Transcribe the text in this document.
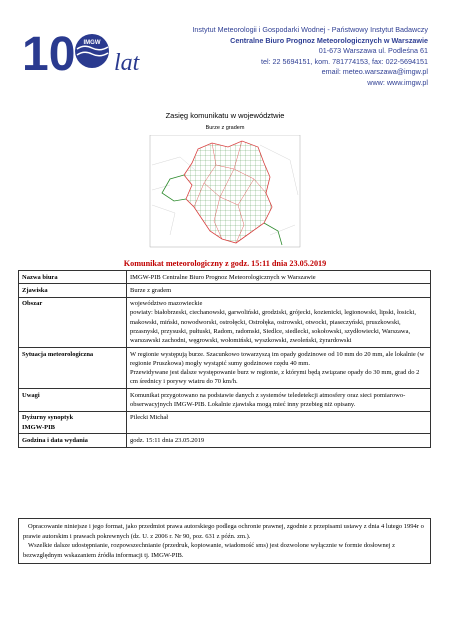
10 IMGW
lat
Instytut Meteorologii i Gospodarki Wodnej - Państwowy Instytut Badawczy
Centralne Biuro Prognoz Meteorologicznych w Warszawie
01-673 Warszawa ul. Podleśna 61
tel: 22 5694151, kom. 781774153, fax: 022-5694151
email: meteo.warszawa@imgw.pl
www: www.imgw.pl
Zasięg komunikatu w województwie
Burze z gradem
Komunikat meteorologiczny z godz. 15:11 dnia 23.05.2019
Nazwa biura	IMGW-PIB Centralne Biuro Prognoz Meteorologicznych w Warszawie
Zjawiska	Burze z gradem
Obszar	województwo mazowieckie
powiaty: białobrzeski, ciechanowski, garwoliński, grodziski, grójecki, kozienicki, legionowski, lipski, łosicki, makowski, miński, nowodworski, ostrołęcki, Ostrołęka, ostrowski, otwocki, piaseczyński, pruszkowski, przasnyski, przysuski, pułtuski, Radom, radomski, Siedlce, siedlecki, sokołowski, szydłowiecki, Warszawa, warszawski zachodni, węgrowski, wołomiński, wyszkowski, zwoleński, żyrardowski
Sytuacja meteorologiczna	W regionie występują burze. Szacunkowo towarzyszą im opady godzinowe od 10 mm do 20 mm, ale lokalnie (w regionie Pruszkowa) mogły wystąpić sumy godzinowe rzędu 40 mm.
Przewidywane jest dalsze występowanie burz w regionie, z którymi będą związane opady do 30 mm, grad do 2 cm średnicy i porywy wiatru do 70 km/h.
Uwagi	Komunikat przygotowano na podstawie danych z systemów teledetekcji atmosfery oraz sieci pomiarowo-obserwacyjnych IMGW-PIB. Lokalnie zjawiska mogą mieć inny przebieg niż opisany.
Dyżurny synoptyk
IMGW-PIB	Pilecki Michał
Godzina i data wydania	godz. 15:11 dnia 23.05.2019

Opracowanie niniejsze i jego format, jako przedmiot prawa autorskiego podlega ochronie prawnej, zgodnie z przepisami ustawy z dnia 4 lutego 1994r o prawie autorskim i prawach pokrewnych (dz. U. z 2006 r. Nr 90, poz. 631 z późn. zm.).

Wszelkie dalsze udostępnianie, rozpowszechnianie (przedruk, kopiowanie, wiadomość sms) jest dozwolone wyłącznie w formie dosłownej z bezwzględnym wskazaniem źródła informacji tj. IMGW-PIB.
